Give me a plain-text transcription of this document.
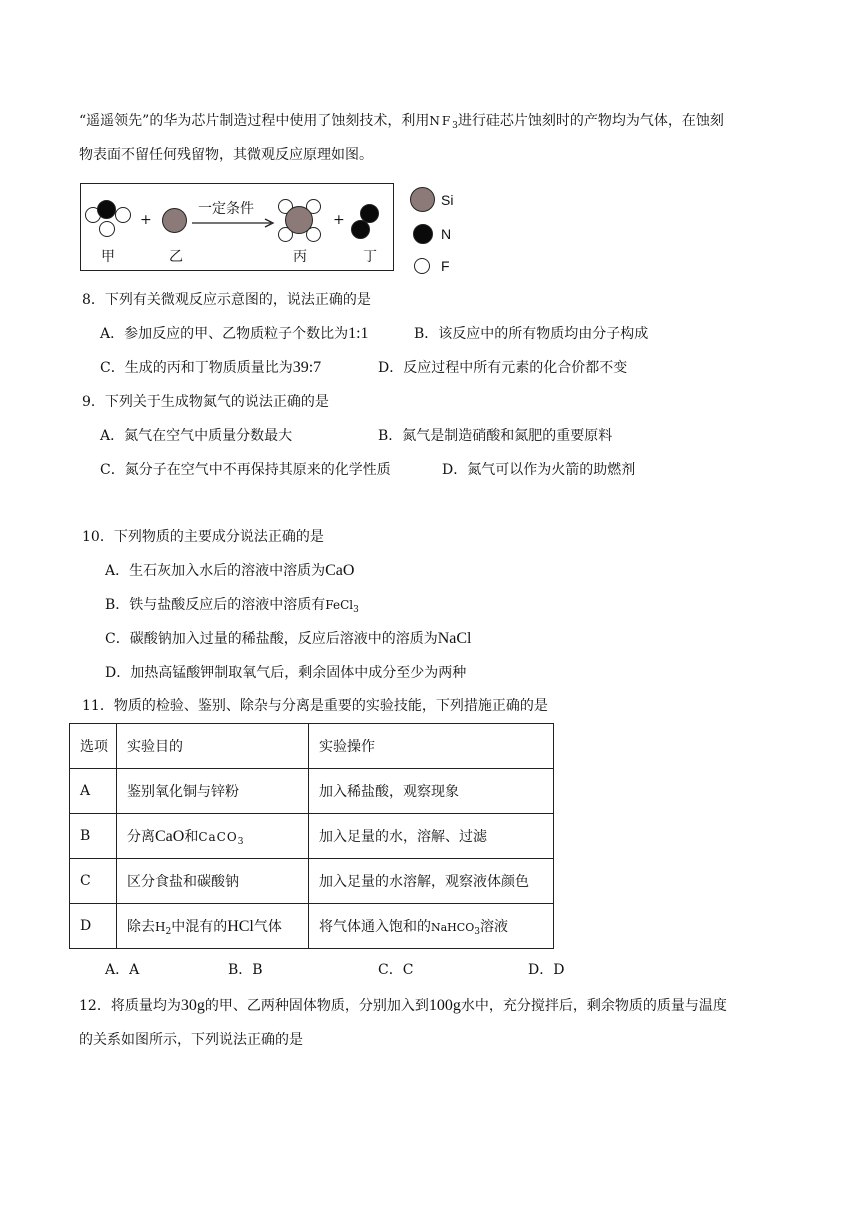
“遥遥领先”的华为芯片制造过程中使用了蚀刻技术，利用$NF_3$进行硅芯片蚀刻时的产物均为气体，在蚀刻
物表面不留任何残留物，其微观反应原理如图。
+
一定条件
+
甲	乙	丙	丁
Si
N
F
8．下列有关微观反应示意图的，说法正确的是
A．参加反应的甲、乙物质粒子个数比为1:1	B．该反应中的所有物质均由分子构成
C．生成的丙和丁物质质量比为39:7	D．反应过程中所有元素的化合价都不变
9．下列关于生成物氮气的说法正确的是
A．氮气在空气中质量分数最大	B．氮气是制造硝酸和氮肥的重要原料
C．氮分子在空气中不再保持其原来的化学性质	D．氮气可以作为火箭的助燃剂
10．下列物质的主要成分说法正确的是
A．生石灰加入水后的溶液中溶质为CaO
B．铁与盐酸反应后的溶液中溶质有FeCl$_3$
C．碳酸钠加入过量的稀盐酸，反应后溶液中的溶质为NaCl
D．加热高锰酸钾制取氧气后，剩余固体中成分至少为两种
11．物质的检验、鉴别、除杂与分离是重要的实验技能，下列措施正确的是
选项	实验目的	实验操作
A	鉴别氧化铜与锌粉	加入稀盐酸，观察现象
B	分离CaO和CaCO$_3$	加入足量的水，溶解、过滤
C	区分食盐和碳酸钠	加入足量的水溶解，观察液体颜色
D	除去$H_2$中混有的HCl气体	将气体通入饱和的NaHCO$_3$溶液
A．A	B．B	C．C	D．D
12．将质量均为30g的甲、乙两种固体物质，分别加入到100g水中，充分搅拌后，剩余物质的质量与温度
的关系如图所示，下列说法正确的是
